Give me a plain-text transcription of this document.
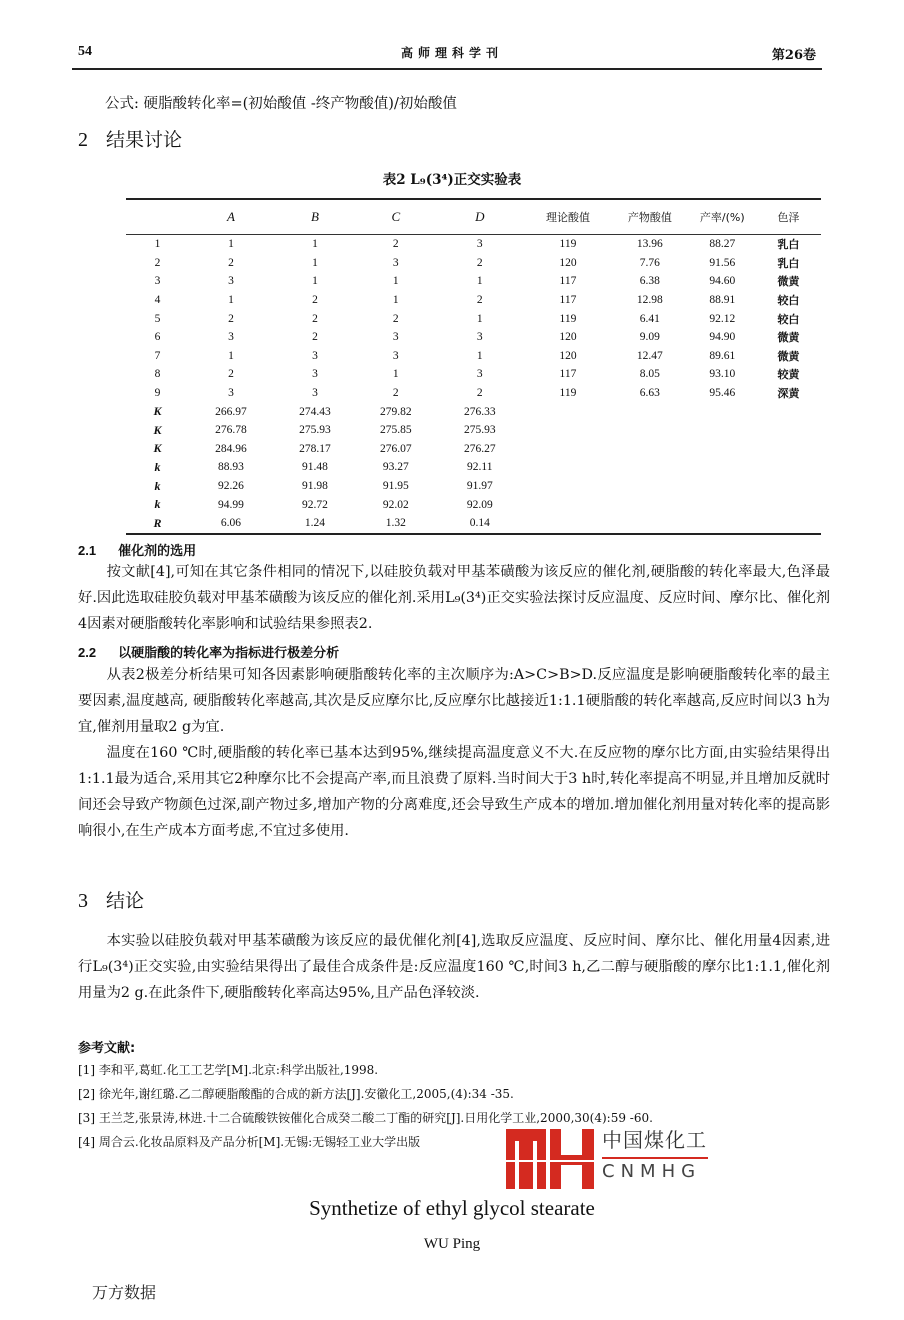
54	高师理科学刊	第26卷
公式: 硬脂酸转化率=(初始酸值 -终产物酸值)/初始酸值
2 结果讨论
表2 L₉(3⁴)正交实验表
	A	B	C	D	理论酸值	产物酸值	产率/(%)	色泽
1	1	1	2	3	119	13.96	88.27	乳白
2	2	1	3	2	120	7.76	91.56	乳白
3	3	1	1	1	117	6.38	94.60	微黄
4	1	2	1	2	117	12.98	88.91	较白
5	2	2	2	1	119	6.41	92.12	较白
6	3	2	3	3	120	9.09	94.90	微黄
7	1	3	3	1	120	12.47	89.61	微黄
8	2	3	1	3	117	8.05	93.10	较黄
9	3	3	2	2	119	6.63	95.46	深黄
K	266.97	274.43	279.82	276.33				
K	276.78	275.93	275.85	275.93				
K	284.96	278.17	276.07	276.27				
k	88.93	91.48	93.27	92.11				
k	92.26	91.98	91.95	91.97				
k	94.99	92.72	92.02	92.09				
R	6.06	1.24	1.32	0.14				
2.1 催化剂的选用

按文献[4],可知在其它条件相同的情况下,以硅胶负载对甲基苯磺酸为该反应的催化剂,硬脂酸的转化率最大,色泽最好.因此选取硅胶负载对甲基苯磺酸为该反应的催化剂.采用L₉(3⁴)正交实验法探讨反应温度、反应时间、摩尔比、催化剂4因素对硬脂酸转化率影响和试验结果参照表2.

2.2 以硬脂酸的转化率为指标进行极差分析

从表2极差分析结果可知各因素影响硬脂酸转化率的主次顺序为:A>C>B>D.反应温度是影响硬脂酸转化率的最主要因素,温度越高, 硬脂酸转化率越高,其次是反应摩尔比,反应摩尔比越接近1:1.1硬脂酸的转化率越高,反应时间以3 h为宜,催剂用量取2 g为宜.

温度在160 ℃时,硬脂酸的转化率已基本达到95%,继续提高温度意义不大.在反应物的摩尔比方面,由实验结果得出1:1.1最为适合,采用其它2种摩尔比不会提高产率,而且浪费了原料.当时间大于3 h时,转化率提高不明显,并且增加反就时间还会导致产物颜色过深,副产物过多,增加产物的分离难度,还会导致生产成本的增加.增加催化剂用量对转化率的提高影响很小,在生产成本方面考虑,不宜过多使用.

3 结论

本实验以硅胶负载对甲基苯磺酸为该反应的最优催化剂[4],选取反应温度、反应时间、摩尔比、催化用量4因素,进行L₉(3⁴)正交实验,由实验结果得出了最佳合成条件是:反应温度160 ℃,时间3 h,乙二醇与硬脂酸的摩尔比1:1.1,催化剂用量为2 g.在此条件下,硬脂酸转化率高达95%,且产品色泽较淡.

参考文献:
[1] 李和平,葛虹.化工工艺学[M].北京:科学出版社,1998.
[2] 徐光年,谢红璐.乙二醇硬脂酸酯的合成的新方法[J].安徽化工,2005,(4):34 -35.
[3] 王兰芝,张景涛,林进.十二合硫酸铁铵催化合成癸二酸二丁酯的研究[J].日用化学工业,2000,30(4):59 -60.
[4] 周合云.化妆品原料及产品分析[M].无锡:无锡轻工业大学出版	中国煤化工
CNMHG
Synthetize of ethyl glycol stearate
WU Ping
万方数据
